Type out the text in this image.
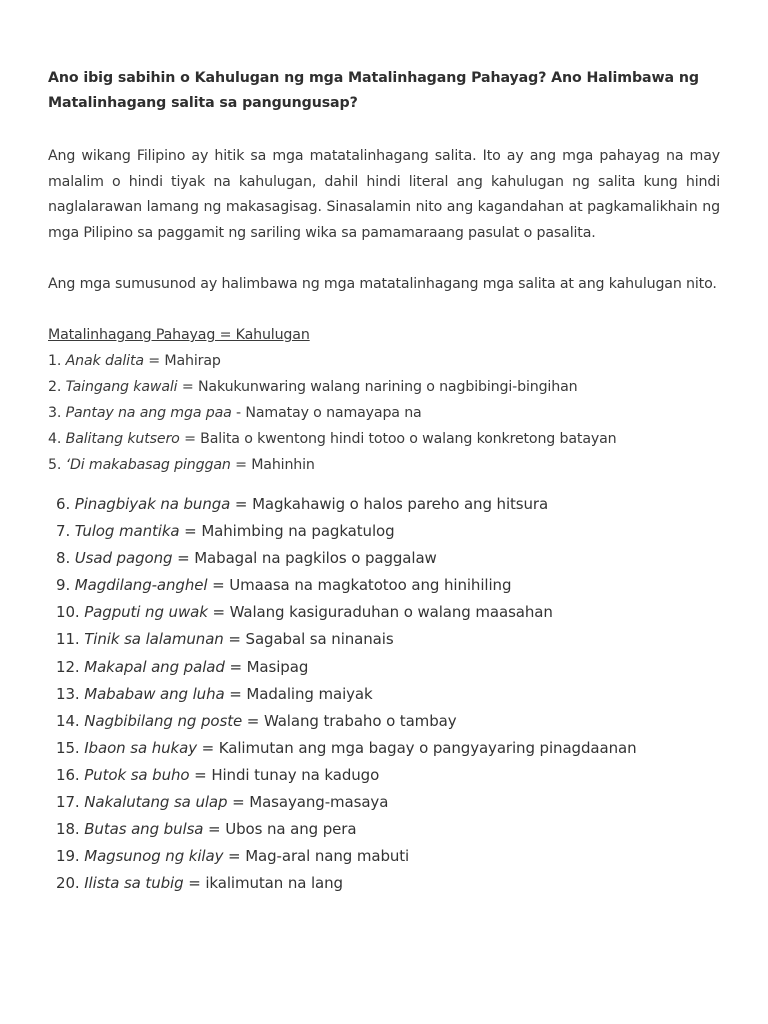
Ano ibig sabihin o Kahulugan ng mga Matalinhagang Pahayag? Ano Halimbawa ng Matalinhagang salita sa pangungusap?
Ang wikang Filipino ay hitik sa mga matatalinhagang salita. Ito ay ang mga pahayag na may malalim o hindi tiyak na kahulugan, dahil hindi literal ang kahulugan ng salita kung hindi naglalarawan lamang ng makasagisag. Sinasalamin nito ang kagandahan at pagkamalikhain ng mga Pilipino sa paggamit ng sariling wika sa pamamaraang pasulat o pasalita.
Ang mga sumusunod ay halimbawa ng mga matatalinhagang mga salita at ang kahulugan nito.
Matalinhagang Pahayag = Kahulugan
1. Anak dalita = Mahirap
2. Taingang kawali = Nakukunwaring walang narining o nagbibingi-bingihan
3. Pantay na ang mga paa - Namatay o namayapa na
4. Balitang kutsero = Balita o kwentong hindi totoo o walang konkretong batayan
5. ‘Di makabasag pinggan = Mahinhin
6. Pinagbiyak na bunga = Magkahawig o halos pareho ang hitsura
7. Tulog mantika = Mahimbing na pagkatulog
8. Usad pagong = Mabagal na pagkilos o paggalaw
9. Magdilang-anghel = Umaasa na magkatotoo ang hinihiling
10. Pagputi ng uwak = Walang kasiguraduhan o walang maasahan
11. Tinik sa lalamunan = Sagabal sa ninanais
12. Makapal ang palad = Masipag
13. Mababaw ang luha = Madaling maiyak
14. Nagbibilang ng poste = Walang trabaho o tambay
15. Ibaon sa hukay = Kalimutan ang mga bagay o pangyayaring pinagdaanan
16. Putok sa buho = Hindi tunay na kadugo
17. Nakalutang sa ulap = Masayang-masaya
18. Butas ang bulsa = Ubos na ang pera
19. Magsunog ng kilay = Mag-aral nang mabuti
20. Ilista sa tubig = ikalimutan na lang
